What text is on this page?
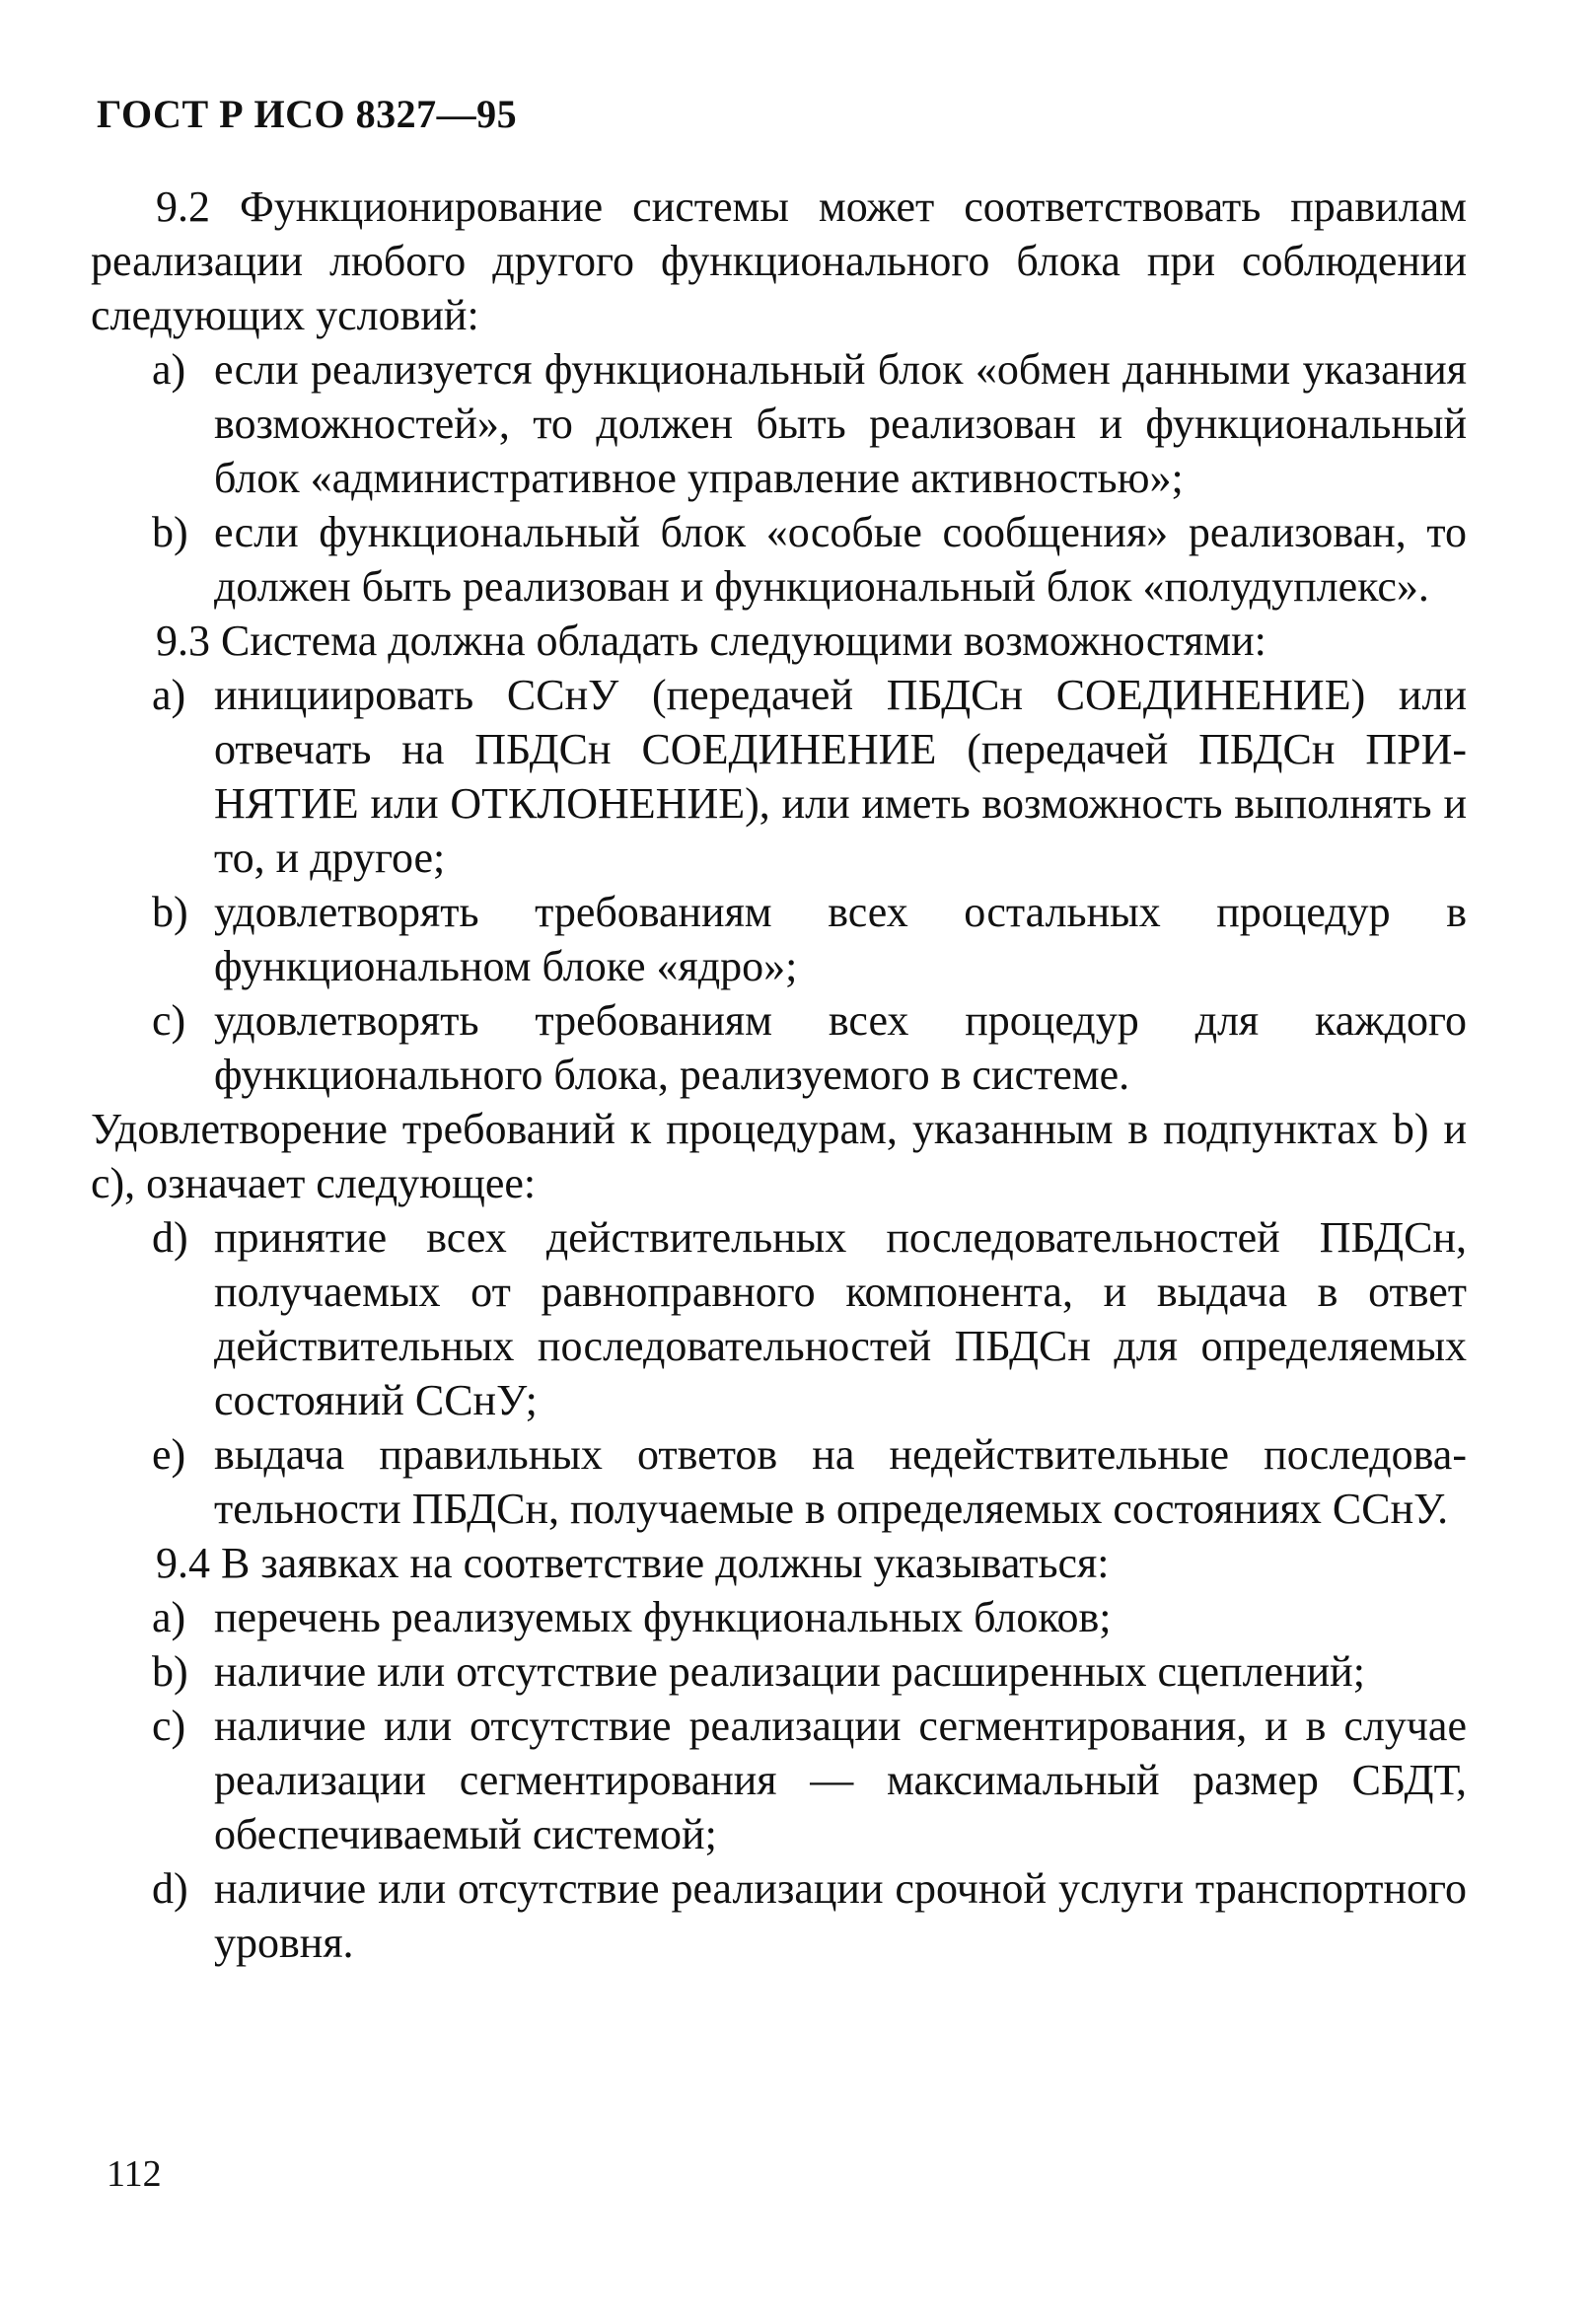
ГОСТ Р ИСО 8327—95

9.2 Функционирование системы может соответствовать правилам реализации любого другого функционального блока при соблюдении следующих условий:

а) если реализуется функциональный блок «обмен данными указания возможностей», то должен быть реализован и функциональный блок «административное управление активностью»;
b) если функциональный блок «особые сообщения» реализован, то должен быть реализован и функциональный блок «полудуплекс».

9.3 Система должна обладать следующими возможностями:

а) инициировать ССнУ (передачей ПБДСн СОЕДИНЕНИЕ) или отвечать на ПБДСн СОЕДИНЕНИЕ (передачей ПБДСн ПРИНЯТИЕ или ОТКЛОНЕНИЕ), или иметь возможность выполнять и то, и другое;
b) удовлетворять требованиям всех остальных процедур в функциональном блоке «ядро»;
с) удовлетворять требованиям всех процедур для каждого функционального блока, реализуемого в системе.

Удовлетворение требований к процедурам, указанным в подпунктах b) и с), означает следующее:

d) принятие всех действительных последовательностей ПБДСн, получаемых от равноправного компонента, и выдача в ответ действительных последовательностей ПБДСн для определяемых состояний ССнУ;
е) выдача правильных ответов на недействительные последовательности ПБДСн, получаемые в определяемых состояниях ССнУ.

9.4 В заявках на соответствие должны указываться:

а) перечень реализуемых функциональных блоков;
b) наличие или отсутствие реализации расширенных сцеплений;
с) наличие или отсутствие реализации сегментирования, и в случае реализации сегментирования — максимальный размер СБДТ, обеспечиваемый системой;
d) наличие или отсутствие реализации срочной услуги транспортного уровня.
112
